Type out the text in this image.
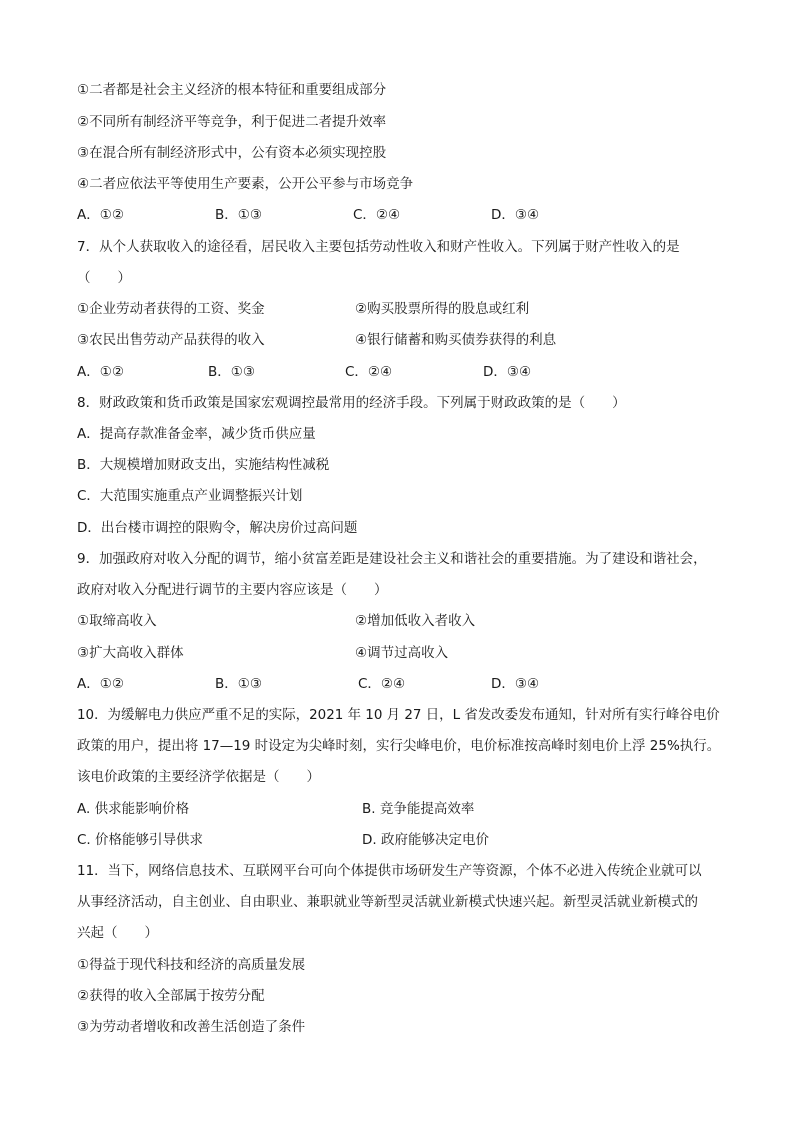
①二者都是社会主义经济的根本特征和重要组成部分
②不同所有制经济平等竞争，利于促进二者提升效率
③在混合所有制经济形式中，公有资本必须实现控股
④二者应依法平等使用生产要素，公开公平参与市场竞争
A．①②	B．①③	C．②④	D．③④
7．从个人获取收入的途径看，居民收入主要包括劳动性收入和财产性收入。下列属于财产性收入的是
（　　）
①企业劳动者获得的工资、奖金	②购买股票所得的股息或红利
③农民出售劳动产品获得的收入	④银行储蓄和购买债券获得的利息
A．①②	B．①③	C．②④	D．③④
8．财政政策和货币政策是国家宏观调控最常用的经济手段。下列属于财政政策的是（　　）
A．提高存款准备金率，减少货币供应量
B．大规模增加财政支出，实施结构性减税
C．大范围实施重点产业调整振兴计划
D．出台楼市调控的限购令，解决房价过高问题
9．加强政府对收入分配的调节，缩小贫富差距是建设社会主义和谐社会的重要措施。为了建设和谐社会，
政府对收入分配进行调节的主要内容应该是（　　）
①取缔高收入	②增加低收入者收入
③扩大高收入群体	④调节过高收入
A．①②	B．①③	C．②④	D．③④
10．为缓解电力供应严重不足的实际，2021 年 10 月 27 日，L 省发改委发布通知，针对所有实行峰谷电价
政策的用户，提出将 17—19 时设定为尖峰时刻，实行尖峰电价，电价标准按高峰时刻电价上浮 25%执行。
该电价政策的主要经济学依据是（　　）
A. 供求能影响价格	B. 竞争能提高效率
C. 价格能够引导供求	D. 政府能够决定电价
11．当下，网络信息技术、互联网平台可向个体提供市场研发生产等资源，个体不必进入传统企业就可以
从事经济活动，自主创业、自由职业、兼职就业等新型灵活就业新模式快速兴起。新型灵活就业新模式的
兴起（　　）
①得益于现代科技和经济的高质量发展
②获得的收入全部属于按劳分配
③为劳动者增收和改善生活创造了条件
